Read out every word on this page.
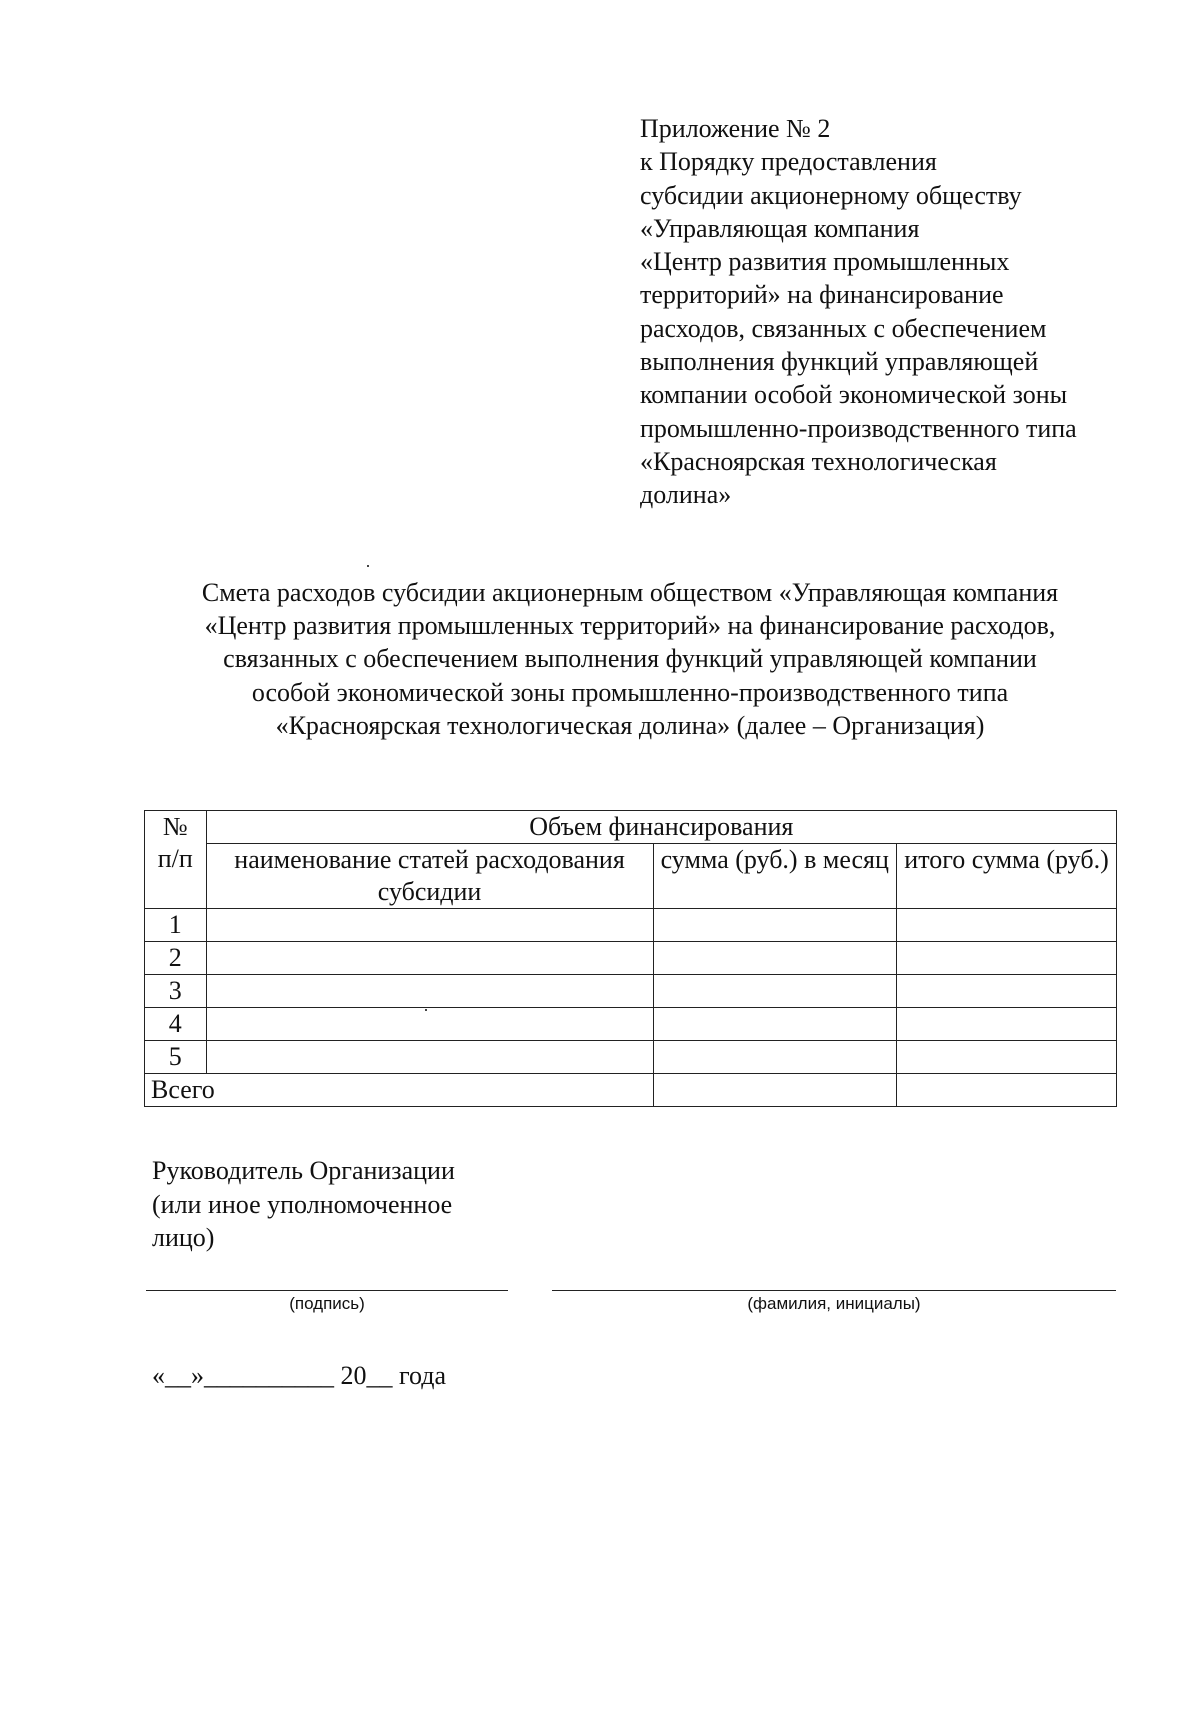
Приложение № 2
к Порядку предоставления
субсидии акционерному обществу
«Управляющая компания
«Центр развития промышленных
территорий» на финансирование
расходов, связанных с обеспечением
выполнения функций управляющей
компании особой экономической зоны
промышленно-производственного типа
«Красноярская технологическая
долина»
Смета расходов субсидии акционерным обществом «Управляющая компания
«Центр развития промышленных территорий» на финансирование расходов,
связанных с обеспечением выполнения функций управляющей компании
особой экономической зоны промышленно-производственного типа
«Красноярская технологическая долина» (далее – Организация)
№ п/п	Объем финансирования		
	наименование статей расходования субсидии	сумма (руб.) в месяц	итого сумма (руб.)
1			
2			
3			
4			
5			
Всего			
Руководитель Организации
(или иное уполномоченное
лицо)
(подпись)	(фамилия, инициалы)
«__»__________ 20__ года
